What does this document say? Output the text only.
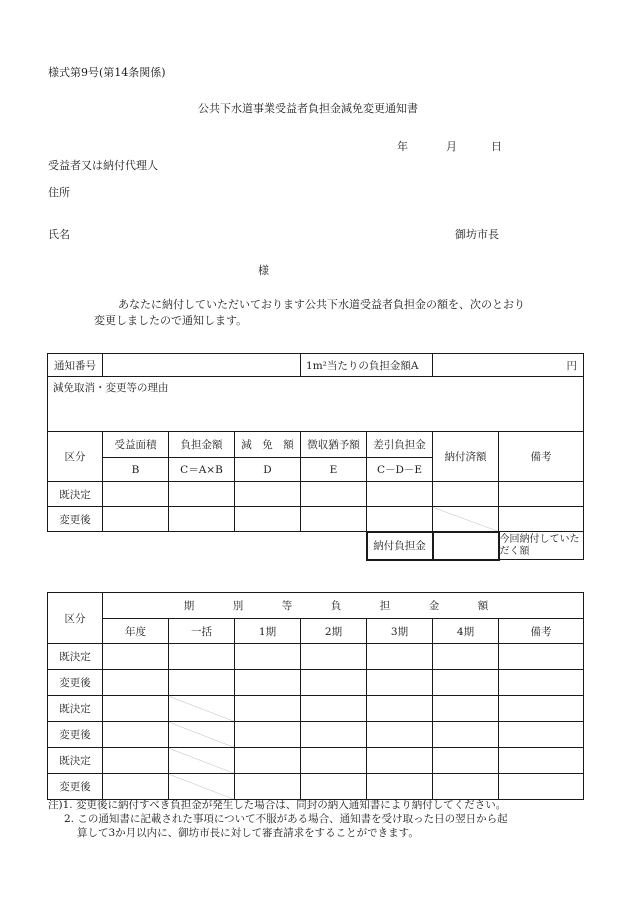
様式第9号(第14条関係)
公共下水道事業受益者負担金減免変更通知書
年	月	日
受益者又は納付代理人
住所
氏名	御坊市長
様
あなたに納付していただいております公共下水道受益者負担金の額を、次のとおり
変更しましたので通知します。
通知番号				1m²当たりの負担金額A		円	
減免取消・変更等の理由							
区分	受益面積	負担金額	減　免　額	徴収猶予額	差引負担金	納付済額	備考
	B	C＝A×B	D	E	C－D－E		
既決定							
変更後							
					納付負担金		今回納付していただく額
区分	期　別　等　負　担　金　額						
	年度	一括	1期	2期	3期	4期	備考
既決定							
変更後							
既決定							
変更後							
既決定							
変更後							
注)1. 変更後に納付すべき負担金が発生した場合は、同封の納入通知書により納付してください。
2. この通知書に記載された事項について不服がある場合、通知書を受け取った日の翌日から起
算して3か月以内に、御坊市長に対して審査請求をすることができます。
